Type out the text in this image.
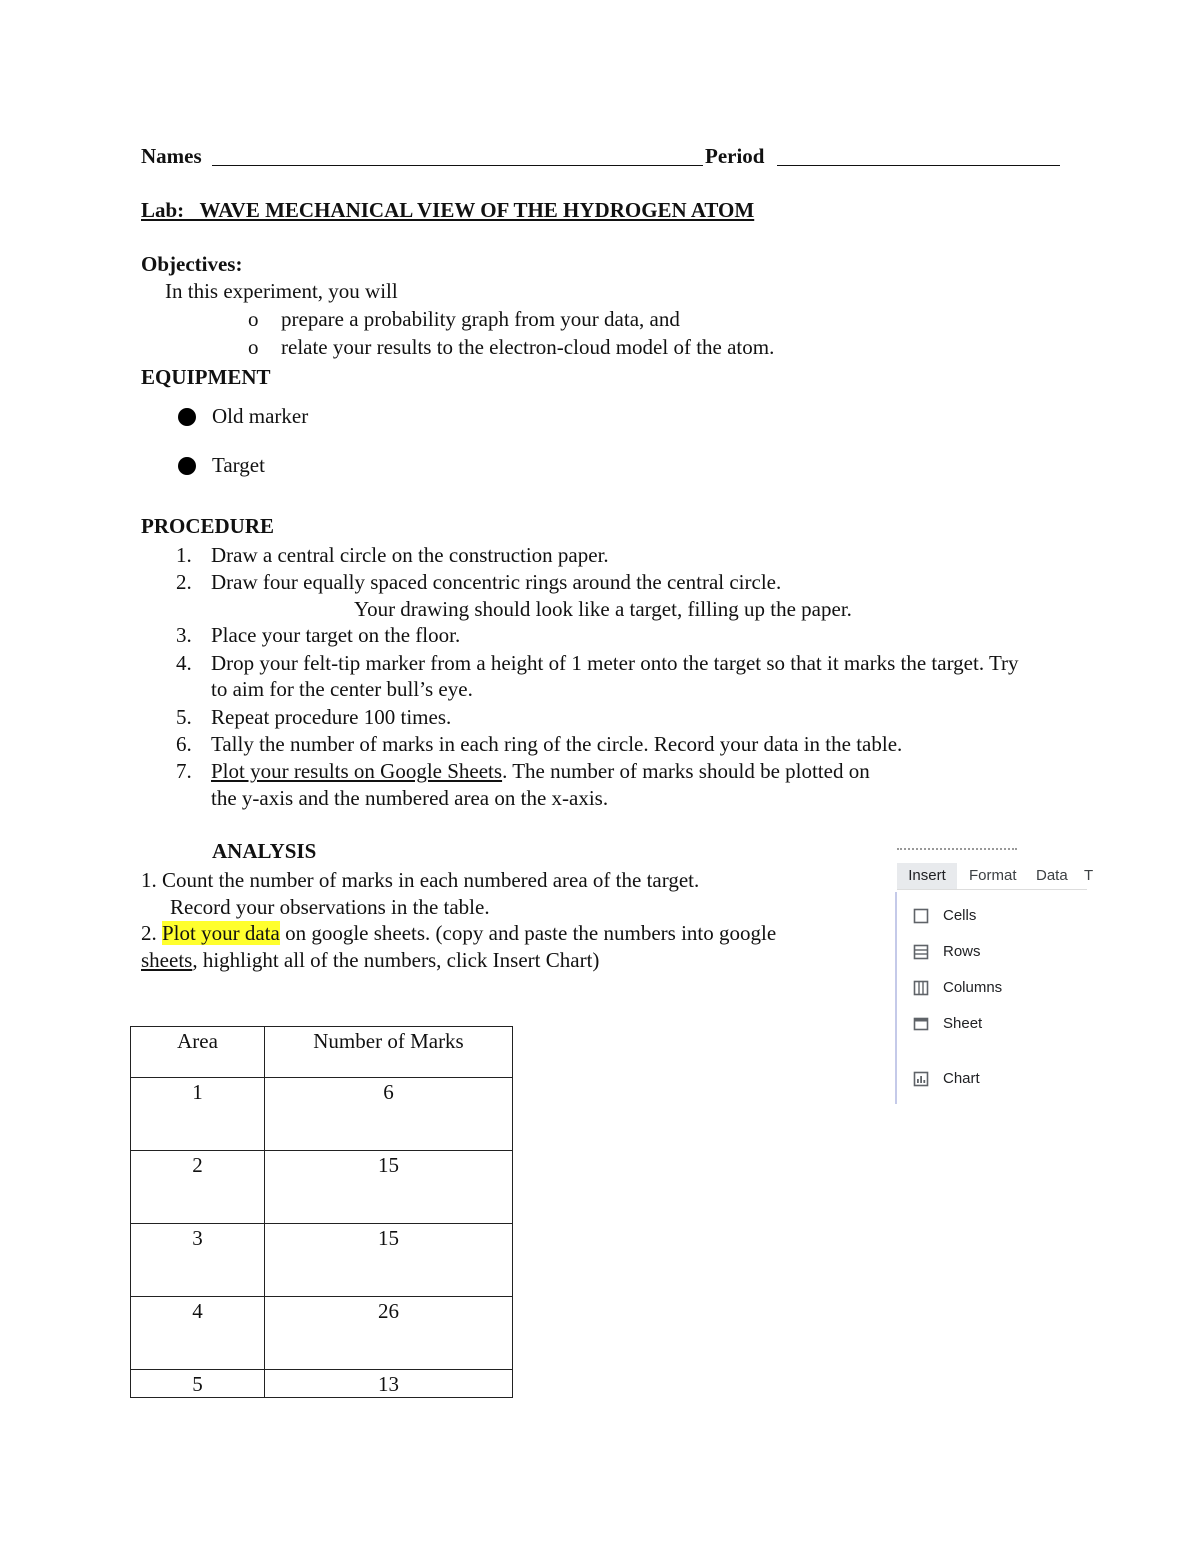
Names	Period
Lab:   WAVE MECHANICAL VIEW OF THE HYDROGEN ATOM
Objectives:
In this experiment, you will
o prepare a probability graph from your data, and
o relate your results to the electron-cloud model of the atom.
EQUIPMENT
Old marker
Target
PROCEDURE
1. Draw a central circle on the construction paper.
2. Draw four equally spaced concentric rings around the central circle.
Your drawing should look like a target, filling up the paper.
3. Place your target on the floor.
4. Drop your felt-tip marker from a height of 1 meter onto the target so that it marks the target. Try
to aim for the center bull’s eye.
5. Repeat procedure 100 times.
6. Tally the number of marks in each ring of the circle. Record your data in the table.
7. Plot your results on Google Sheets. The number of marks should be plotted on
the y-axis and the numbered area on the x-axis.
ANALYSIS
1. Count the number of marks in each numbered area of the target.
Record your observations in the table.
2. Plot your data on google sheets. (copy and paste the numbers into google
sheets, highlight all of the numbers, click Insert Chart)
Area	Number of Marks
1	6
2	15
3	15
4	26
5	13
Insert	Format Data T
Cells
Rows
Columns
Sheet
Chart
